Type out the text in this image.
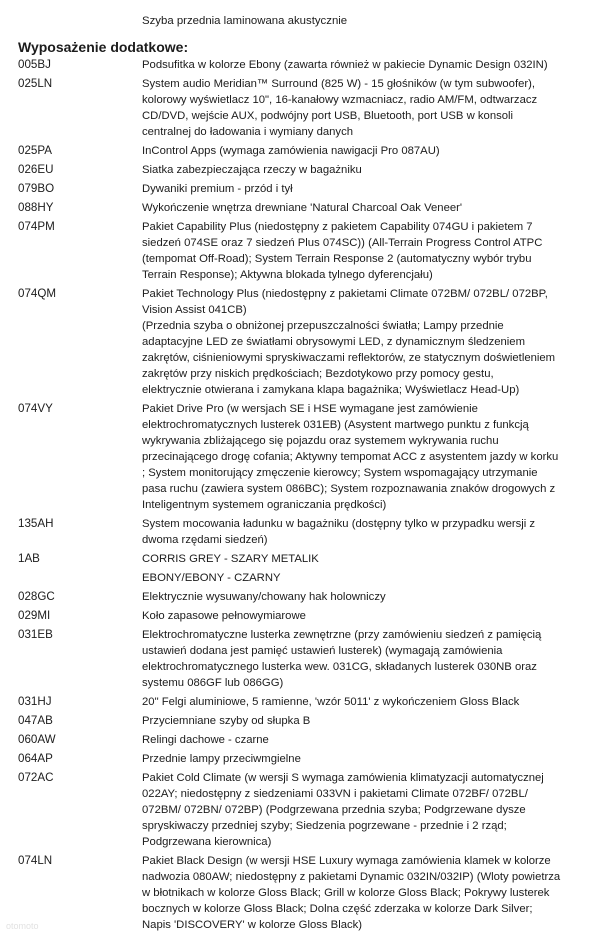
Szyba przednia laminowana akustycznie
Wyposażenie dodatkowe:
005BJ	Podsufitka w kolorze Ebony (zawarta również w pakiecie Dynamic Design 032IN)
025LN	System audio Meridian™ Surround (825 W) - 15 głośników (w tym subwoofer),
kolorowy wyświetlacz 10", 16-kanałowy wzmacniacz, radio AM/FM, odtwarzacz
CD/DVD, wejście AUX, podwójny port USB, Bluetooth, port USB w konsoli
centralnej do ładowania i wymiany danych
025PA	InControl Apps (wymaga zamówienia nawigacji Pro 087AU)
026EU	Siatka zabezpieczająca rzeczy w bagażniku
079BO	Dywaniki premium - przód i tył
088HY	Wykończenie wnętrza drewniane 'Natural Charcoal Oak Veneer'
074PM	Pakiet Capability Plus (niedostępny z pakietem Capability 074GU i pakietem 7
siedzeń 074SE oraz 7 siedzeń Plus 074SC)) (All-Terrain Progress Control ATPC
(tempomat Off-Road); System Terrain Response 2 (automatyczny wybór trybu
Terrain Response); Aktywna blokada tylnego dyferencjału)
074QM	Pakiet Technology Plus (niedostępny z pakietami Climate 072BM/ 072BL/ 072BP,
Vision Assist 041CB)
(Przednia szyba o obniżonej przepuszczalności światła; Lampy przednie
adaptacyjne LED ze światłami obrysowymi LED, z dynamicznym śledzeniem
zakrętów, ciśnieniowymi spryskiwaczami reflektorów, ze statycznym doświetleniem
zakrętów przy niskich prędkościach; Bezdotykowo przy pomocy gestu,
elektrycznie otwierana i zamykana klapa bagażnika; Wyświetlacz Head-Up)
074VY	Pakiet Drive Pro (w wersjach SE i HSE wymagane jest zamówienie
elektrochromatycznych lusterek 031EB) (Asystent martwego punktu z funkcją
wykrywania zbliżającego się pojazdu oraz systemem wykrywania ruchu
przecinającego drogę cofania; Aktywny tempomat ACC z asystentem jazdy w korku
; System monitorujący zmęczenie kierowcy; System wspomagający utrzymanie
pasa ruchu (zawiera system 086BC); System rozpoznawania znaków drogowych z
Inteligentnym systemem ograniczania prędkości)
135AH	System mocowania ładunku w bagażniku (dostępny tylko w przypadku wersji z
dwoma rzędami siedzeń)
1AB	CORRIS GREY - SZARY METALIK
EBONY/EBONY - CZARNY
028GC	Elektrycznie wysuwany/chowany hak holowniczy
029MI	Koło zapasowe pełnowymiarowe
031EB	Elektrochromatyczne lusterka zewnętrzne (przy zamówieniu siedzeń z pamięcią
ustawień dodana jest pamięć ustawień lusterek) (wymagają zamówienia
elektrochromatycznego lusterka wew. 031CG, składanych lusterek 030NB oraz
systemu 086GF lub 086GG)
031HJ	20" Felgi aluminiowe, 5 ramienne, 'wzór 5011' z wykończeniem Gloss Black
047AB	Przyciemniane szyby od słupka B
060AW	Relingi dachowe - czarne
064AP	Przednie lampy przeciwmgielne
072AC	Pakiet Cold Climate (w wersji S wymaga zamówienia klimatyzacji automatycznej
022AY; niedostępny z siedzeniami 033VN i pakietami Climate 072BF/ 072BL/
072BM/ 072BN/ 072BP) (Podgrzewana przednia szyba; Podgrzewane dysze
spryskiwaczy przedniej szyby; Siedzenia pogrzewane - przednie i 2 rząd;
Podgrzewana kierownica)
074LN	Pakiet Black Design (w wersji HSE Luxury wymaga zamówienia klamek w kolorze
nadwozia 080AW; niedostępny z pakietami Dynamic 032IN/032IP) (Wloty powietrza
w błotnikach w kolorze Gloss Black; Grill w kolorze Gloss Black; Pokrywy lusterek
bocznych w kolorze Gloss Black; Dolna część zderzaka w kolorze Dark Silver;
Napis 'DISCOVERY' w kolorze Gloss Black)
otomoto
